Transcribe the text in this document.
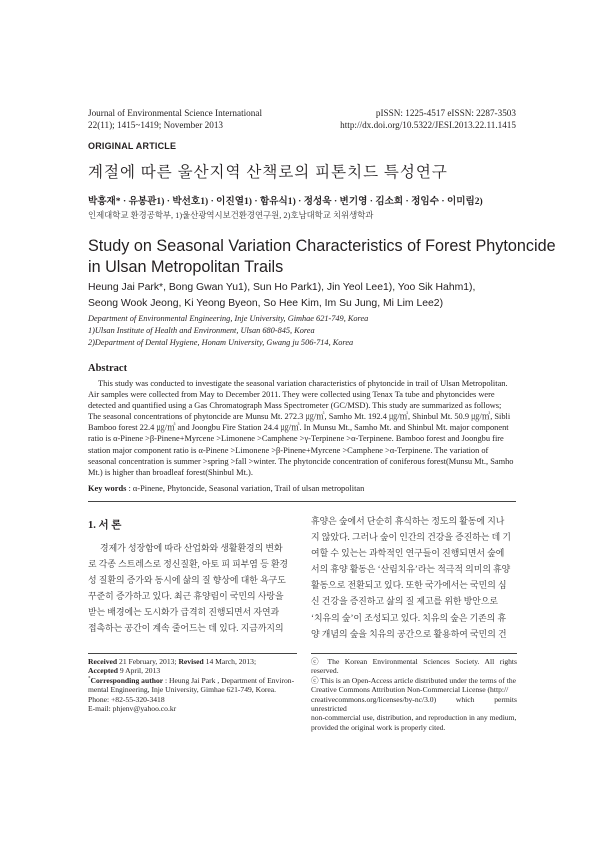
Journal of Environmental Science International
22(11); 1415~1419; November 2013
pISSN: 1225-4517 eISSN: 2287-3503
http://dx.doi.org/10.5322/JESI.2013.22.11.1415
ORIGINAL ARTICLE
계절에 따른 울산지역 산책로의 피톤치드 특성연구
박흥재* · 유봉관1) · 박선호1) · 이진열1) · 함유식1) · 정성욱 · 변기영 · 김소희 · 정임수 · 이미림2)
인제대학교 환경공학부, 1)울산광역시보건환경연구원, 2)호남대학교 치위생학과
Study on Seasonal Variation Characteristics of Forest Phytoncide
in Ulsan Metropolitan Trails
Heung Jai Park*, Bong Gwan Yu1), Sun Ho Park1), Jin Yeol Lee1), Yoo Sik Hahm1),
Seong Wook Jeong, Ki Yeong Byeon, So Hee Kim, Im Su Jung, Mi Lim Lee2)
Department of Environmental Engineering, Inje University, Gimhae 621-749, Korea
1)Ulsan Institute of Health and Environment, Ulsan 680-845, Korea
2)Department of Dental Hygiene, Honam University, Gwang ju 506-714, Korea
Abstract
This study was conducted to investigate the seasonal variation characteristics of phytoncide in trail of Ulsan Metropolitan.
Air samples were collected from May to December 2011. They were collected using Tenax Ta tube and phytoncides were
detected and quantified using a Gas Chromatograph Mass Spectrometer (GC/MSD). This study are summarized as follows;
The seasonal concentrations of phytoncide are Munsu Mt. 272.3 ㎍/㎥, Samho Mt. 192.4 ㎍/㎥, Shinbul Mt. 50.9 ㎍/㎥, Sibli
Bamboo forest 22.4 ㎍/㎥ and Joongbu Fire Station 24.4 ㎍/㎥. In Munsu Mt., Samho Mt. and Shinbul Mt. major component
ratio is α-Pinene >β-Pinene+Myrcene >Limonene >Camphene >γ-Terpinene >α-Terpinene. Bamboo forest and Joongbu fire
station major component ratio is α-Pinene >Limonene >β-Pinene+Myrcene >Camphene >α-Terpinene. The variation of
seasonal concentration is summer >spring >fall >winter. The phytoncide concentration of coniferous forest(Munsu Mt., Samho
Mt.) is higher than broadleaf forest(Shinbul Mt.).
Key words : α-Pinene, Phytoncide, Seasonal variation, Trail of ulsan metropolitan
1. 서 론
경제가 성장함에 따라 산업화와 생활환경의 변화
로 각종 스트레스로 정신질환, 아토 피 피부염 등 환경
성 질환의 증가와 동시에 삶의 질 향상에 대한 욕구도
꾸준히 증가하고 있다. 최근 휴양림이 국민의 사랑을
받는 배경에는 도시화가 급격히 진행되면서 자연과
접촉하는 공간이 계속 줄어드는 데 있다. 지금까지의
휴양은 숲에서 단순히 휴식하는 정도의 활동에 지나
지 않았다. 그러나 숲이 인간의 건강을 증진하는 데 기
여할 수 있는는 과학적인 연구들이 진행되면서 숲에
서의 휴양 활동은 ‘산림치유’라는 적극적 의미의 휴양
활동으로 전환되고 있다. 또한 국가에서는 국민의 심
신 건강을 증진하고 삶의 질 제고를 위한 방안으로
‘치유의 숲’이 조성되고 있다. 치유의 숲은 기존의 휴
양 개념의 숲을 치유의 공간으로 활용하여 국민의 건
Received 21 February, 2013; Revised 14 March, 2013;
Accepted 9 April, 2013
*Corresponding author : Heung Jai Park , Department of Environ-
mental Engineering, Inje University, Gimhae 621-749, Korea.
Phone: +82-55-320-3418
E-mail: phjenv@yahoo.co.kr
ⓒ The Korean Environmental Sciences Society. All rights reserved.
ⓒ This is an Open-Access article distributed under the terms of the
Creative Commons Attribution Non-Commercial License (http://
creativecommons.org/licenses/by-nc/3.0) which permits unrestricted
non-commercial use, distribution, and reproduction in any medium,
provided the original work is properly cited.
